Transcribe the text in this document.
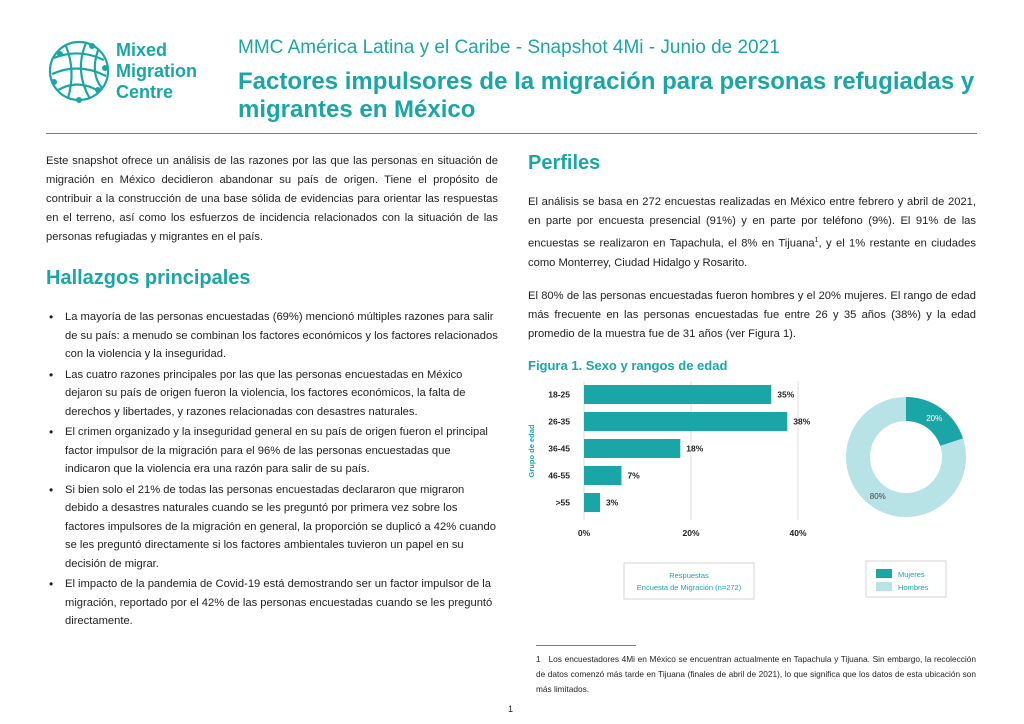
Mixed
Migration
Centre
MMC América Latina y el Caribe - Snapshot 4Mi - Junio de 2021
Factores impulsores de la migración para personas refugiadas y migrantes en México

Este snapshot ofrece un análisis de las razones por las que las personas en situación de migración en México decidieron abandonar su país de origen. Tiene el propósito de contribuir a la construcción de una base sólida de evidencias para orientar las respuestas en el terreno, así como los esfuerzos de incidencia relacionados con la situación de las personas refugiadas y migrantes en el país.

Hallazgos principales
• La mayoría de las personas encuestadas (69%) mencionó múltiples razones para salir de su país: a menudo se combinan los factores económicos y los factores relacionados con la violencia y la inseguridad.
• Las cuatro razones principales por las que las personas encuestadas en México dejaron su país de origen fueron la violencia, los factores económicos, la falta de derechos y libertades, y razones relacionadas con desastres naturales.
• El crimen organizado y la inseguridad general en su país de origen fueron el principal factor impulsor de la migración para el 96% de las personas encuestadas que indicaron que la violencia era una razón para salir de su país.
• Si bien solo el 21% de todas las personas encuestadas declararon que migraron debido a desastres naturales cuando se les preguntó por primera vez sobre los factores impulsores de la migración en general, la proporción se duplicó a 42% cuando se les preguntó directamente si los factores ambientales tuvieron un papel en su decisión de migrar.
• El impacto de la pandemia de Covid-19 está demostrando ser un factor impulsor de la migración, reportado por el 42% de las personas encuestadas cuando se les preguntó directamente.
Perfiles

El análisis se basa en 272 encuestas realizadas en México entre febrero y abril de 2021, en parte por encuesta presencial (91%) y en parte por teléfono (9%). El 91% de las encuestas se realizaron en Tapachula, el 8% en Tijuana$^1$, y el 1% restante en ciudades como Monterrey, Ciudad Hidalgo y Rosarito.

El 80% de las personas encuestadas fueron hombres y el 20% mujeres. El rango de edad más frecuente en las personas encuestadas fue entre 26 y 35 años (38%) y la edad promedio de la muestra fue de 31 años (ver Figura 1).

Figura 1. Sexo y rangos de edad
0%	20%	40%
18-25	35%
26-35	38%
36-45	18%
46-55	7%
>55	3%
Grupo de edad
Respuestas
Encuesta de Migración (n=272)
20%
80%
Mujeres
Hombres

1 Los encuestadores 4Mi en México se encuentran actualmente en Tapachula y Tijuana. Sin embargo, la recolección de datos comenzó más tarde en Tijuana (finales de abril de 2021), lo que significa que los datos de esta ubicación son más limitados.

1
